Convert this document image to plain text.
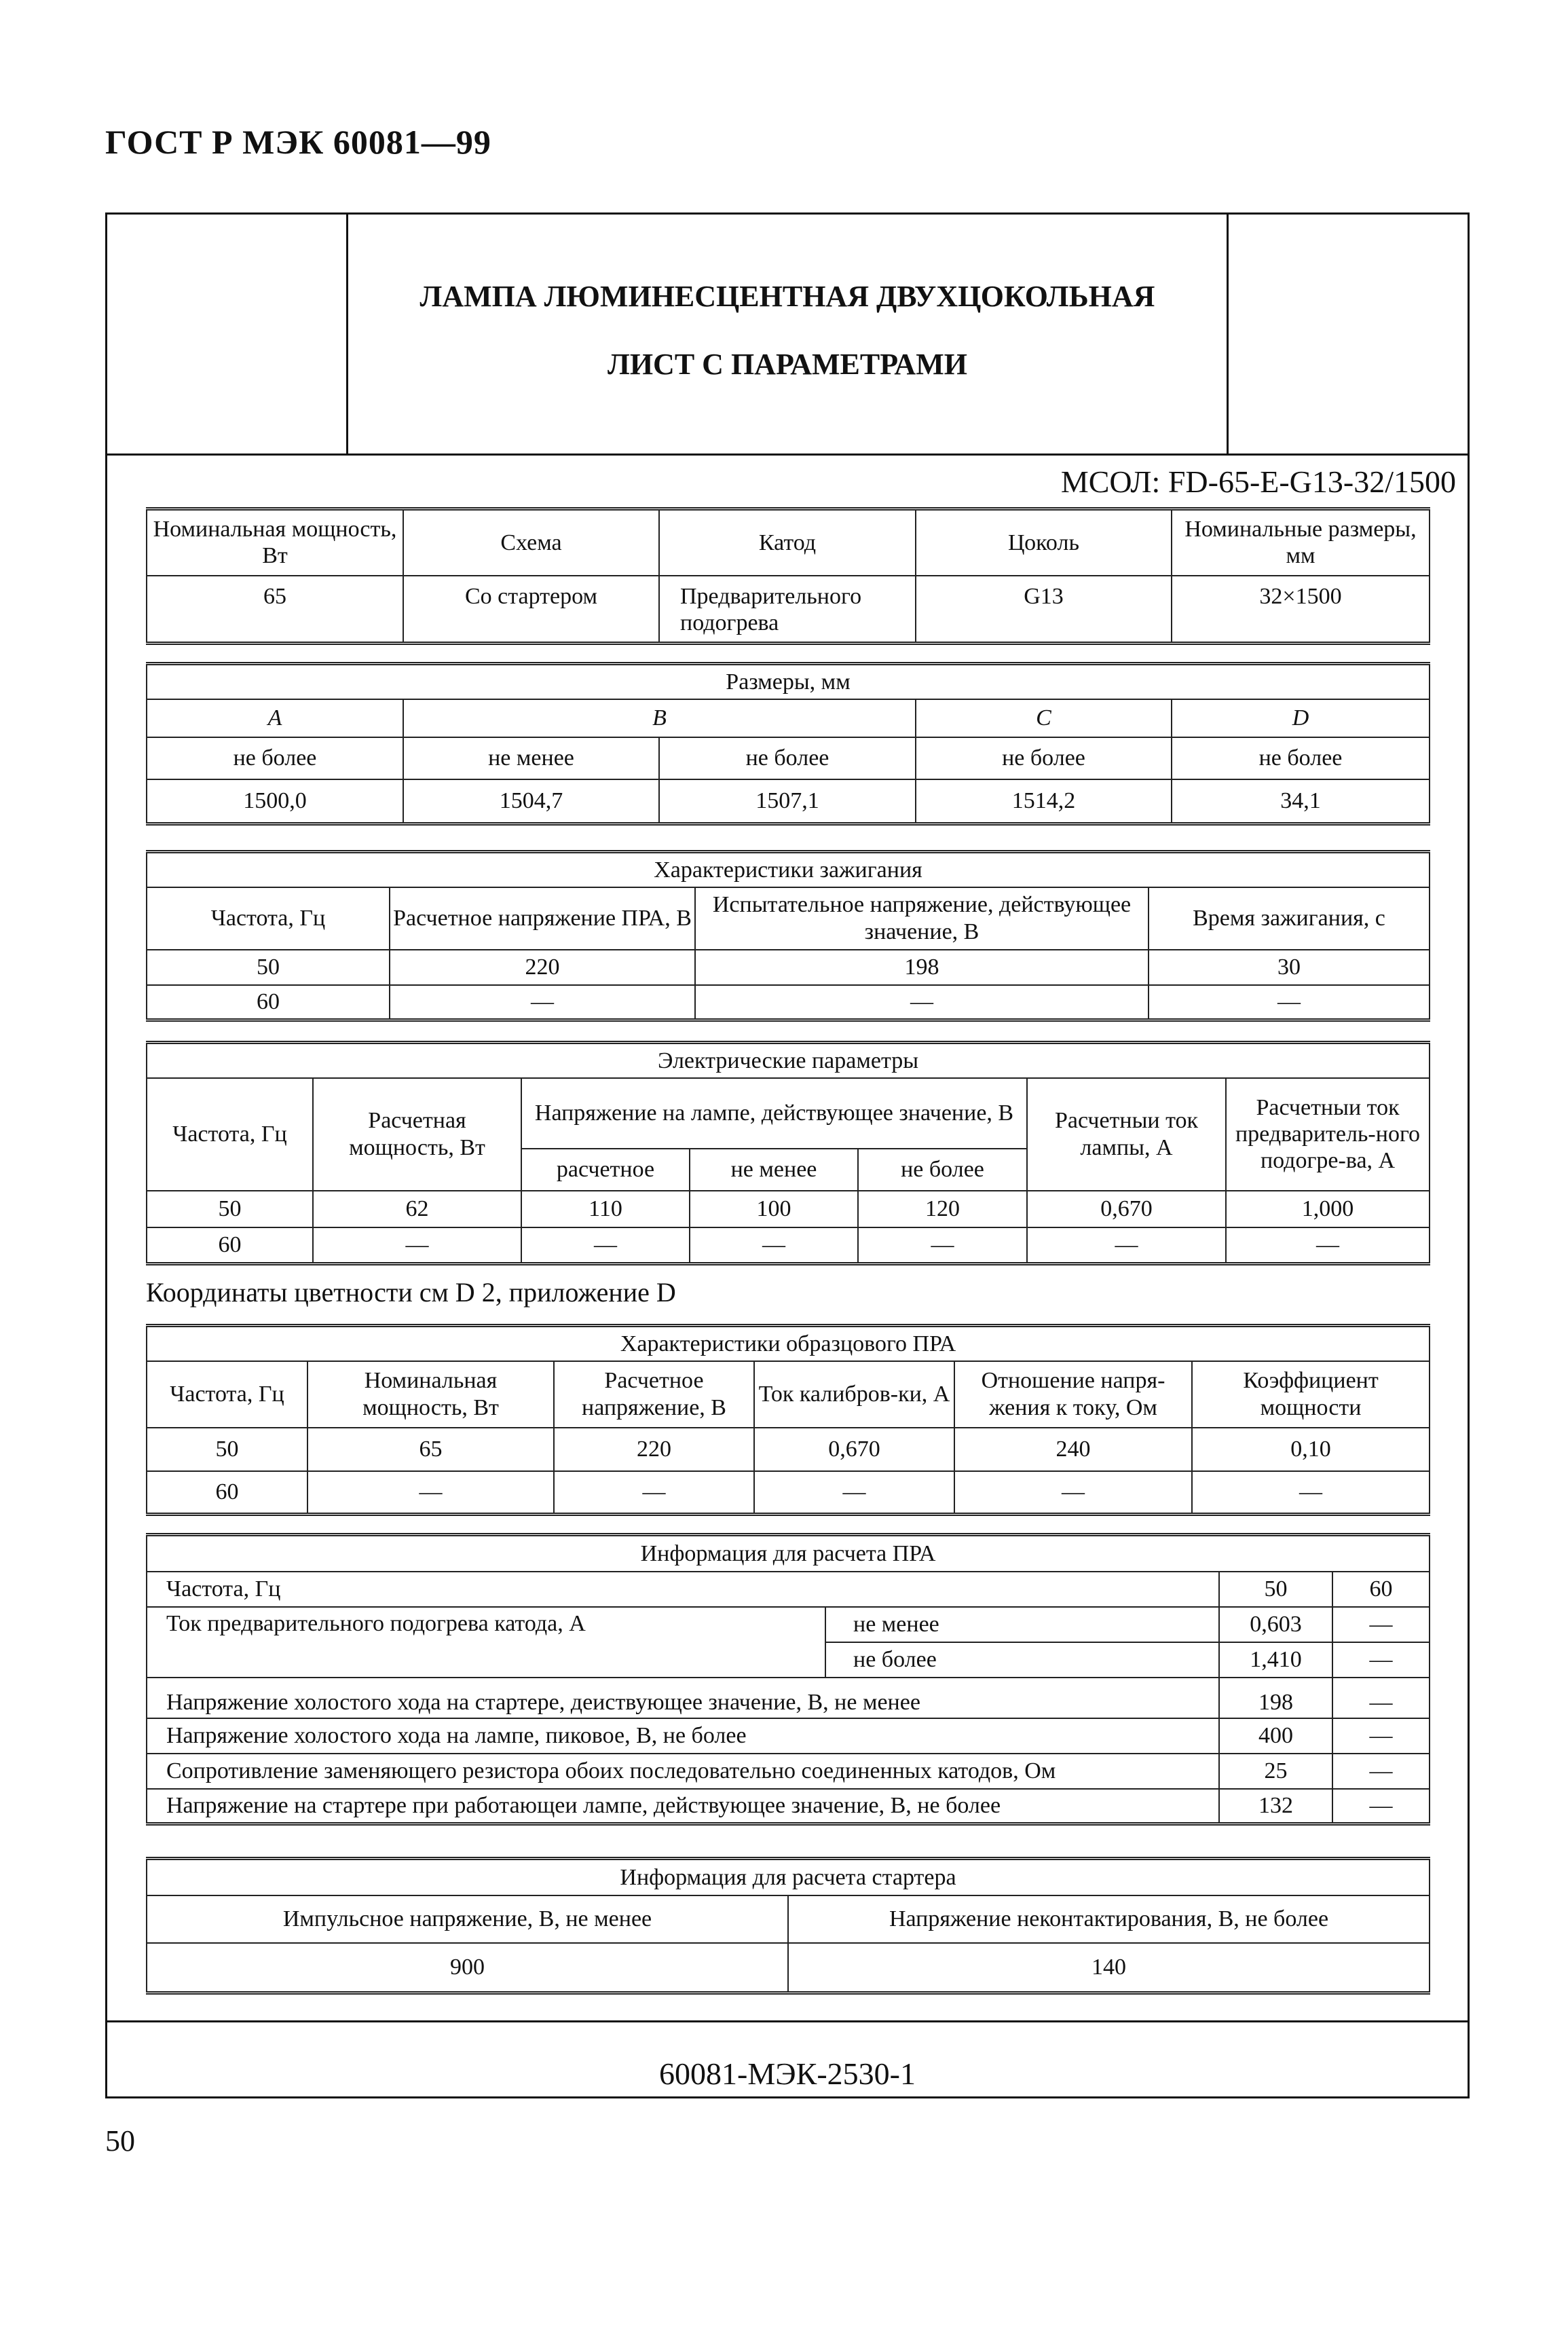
ГОСТ Р МЭК 60081—99
ЛАМПА ЛЮМИНЕСЦЕНТНАЯ ДВУХЦОКОЛЬНАЯ
ЛИСТ С ПАРАМЕТРАМИ
60081-МЭК-2530-1
МСОЛ: FD-65-E-G13-32/1500
Номинальная мощность, Вт	Схема	Катод	Цоколь	Номинальные размеры, мм
65	Со стартером	Предварительного подогрева	G13	32×1500
Размеры, мм				
A	B		C	D
не более	не менее	не более	не более	не более
1500,0	1504,7	1507,1	1514,2	34,1
Характеристики зажигания			
Частота, Гц	Расчетное напряжение ПРА, В	Испытательное напряжение, действующее значение, В	Время зажигания, с
50	220	198	30
60	—	—	—
Электрические параметры						
Частота, Гц	Расчетная мощность, Вт	Напряжение на лампе, действующее значение, В			Расчетныи ток лампы, А	Расчетныи ток предваритель-ного подогре-ва, А
		расчетное	не менее	не более		
50	62	110	100	120	0,670	1,000
60	—	—	—	—	—	—
Координаты цветности см D 2, приложение D
Характеристики образцового ПРА					
Частота, Гц	Номинальная мощность, Вт	Расчетное напряжение, В	Ток калибров-ки, А	Отношение напря-жения к току, Ом	Коэффициент мощности
50	65	220	0,670	240	0,10
60	—	—	—	—	—
Информация для расчета ПРА			
Частота, Гц		50	60
Ток предварительного подогрева катода, А	не менее	0,603	—
	не более	1,410	—
Напряжение холостого хода на стартере, деиствующее значение, В, не менее		198	—
Напряжение холостого хода на лампе, пиковое, В, не более		400	—
Сопротивление заменяющего резистора обоих последовательно соединенных катодов, Ом		25	—
Напряжение на стартере при работающеи лампе, действующее значение, В, не более		132	—
Информация для расчета стартера	
Импульсное напряжение, В, не менее	Напряжение неконтактирования, В, не более
900	140
50
